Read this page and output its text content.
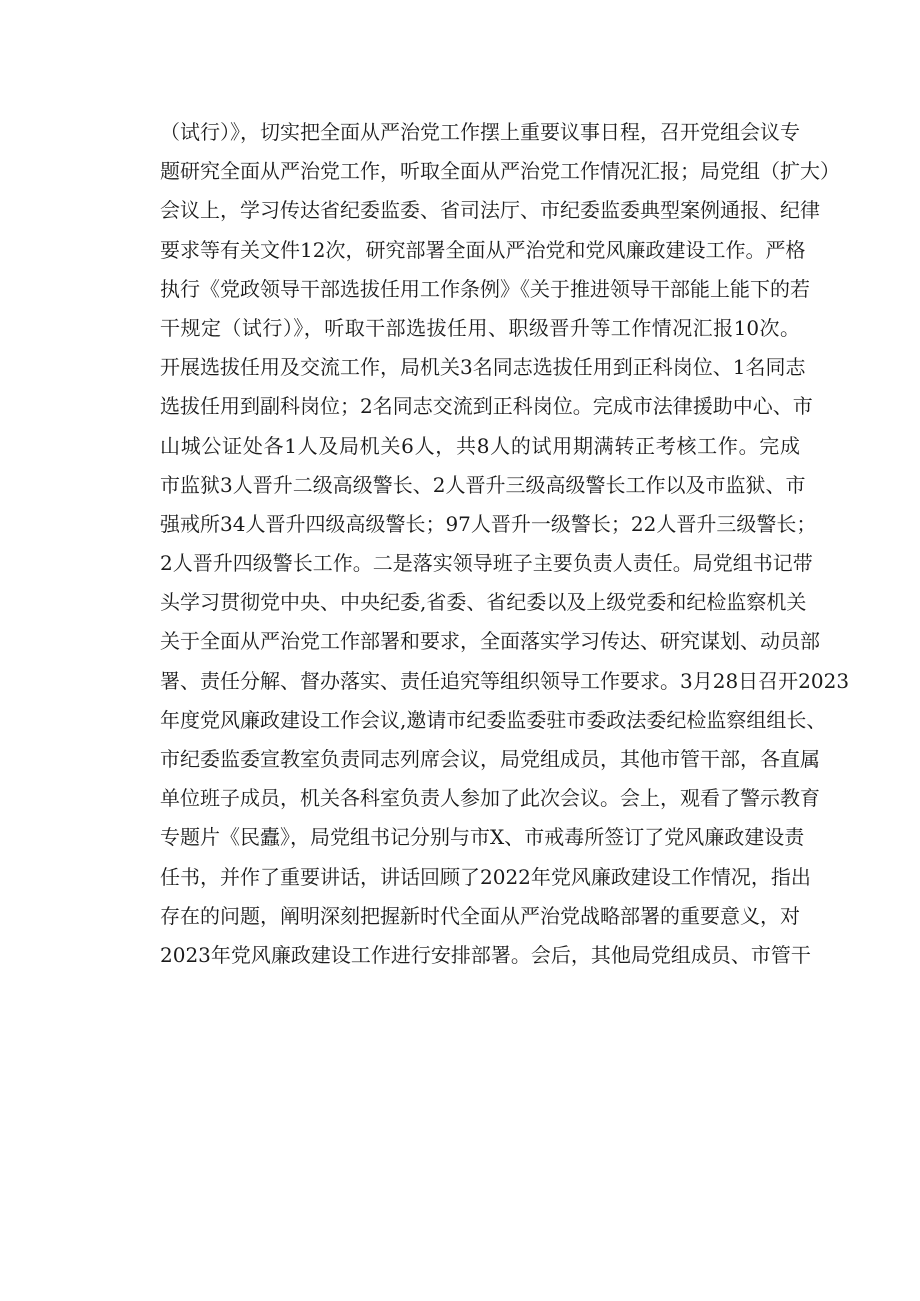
（试行）》，切实把全面从严治党工作摆上重要议事日程，召开党组会议专
题研究全面从严治党工作，听取全面从严治党工作情况汇报；局党组（扩大）
会议上，学习传达省纪委监委、省司法厅、市纪委监委典型案例通报、纪律
要求等有关文件12次，研究部署全面从严治党和党风廉政建设工作。严格
执行《党政领导干部选拔任用工作条例》《关于推进领导干部能上能下的若
干规定（试行）》，听取干部选拔任用、职级晋升等工作情况汇报10次。
开展选拔任用及交流工作，局机关3名同志选拔任用到正科岗位、1名同志
选拔任用到副科岗位；2名同志交流到正科岗位。完成市法律援助中心、市
山城公证处各1人及局机关6人，共8人的试用期满转正考核工作。完成
市监狱3人晋升二级高级警长、2人晋升三级高级警长工作以及市监狱、市
强戒所34人晋升四级高级警长；97人晋升一级警长；22人晋升三级警长；
2人晋升四级警长工作。二是落实领导班子主要负责人责任。局党组书记带
头学习贯彻党中央、中央纪委,省委、省纪委以及上级党委和纪检监察机关
关于全面从严治党工作部署和要求，全面落实学习传达、研究谋划、动员部
署、责任分解、督办落实、责任追究等组织领导工作要求。3月28日召开2023
年度党风廉政建设工作会议,邀请市纪委监委驻市委政法委纪检监察组组长、
市纪委监委宣教室负责同志列席会议，局党组成员，其他市管干部，各直属
单位班子成员，机关各科室负责人参加了此次会议。会上，观看了警示教育
专题片《民蠹》，局党组书记分别与市X、市戒毒所签订了党风廉政建设责
任书，并作了重要讲话，讲话回顾了2022年党风廉政建设工作情况，指出
存在的问题，阐明深刻把握新时代全面从严治党战略部署的重要意义，对
2023年党风廉政建设工作进行安排部署。会后，其他局党组成员、市管干
